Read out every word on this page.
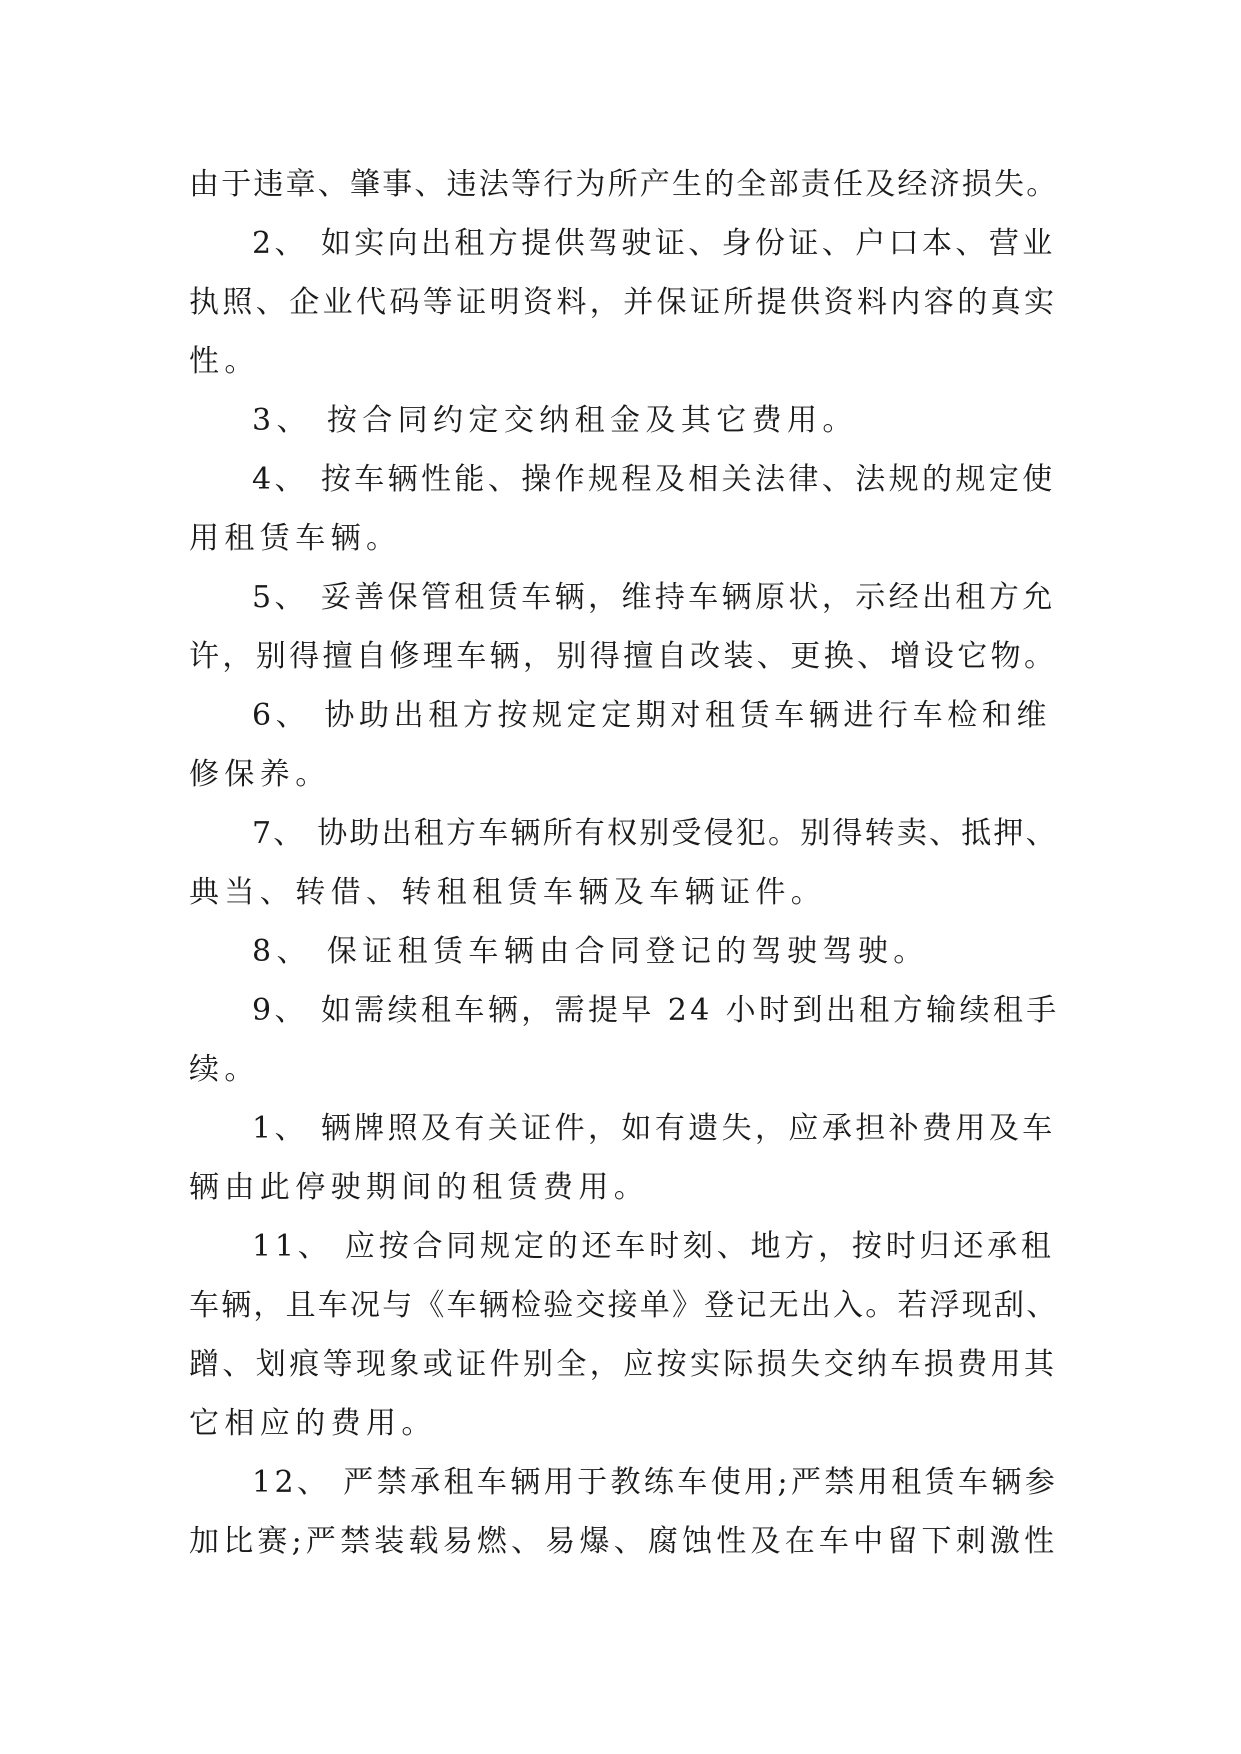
由于违章、肇事、违法等行为所产生的全部责任及经济损失。
2、 如实向出租方提供驾驶证、身份证、户口本、营业
执照、企业代码等证明资料，并保证所提供资料内容的真实
性。
3、 按合同约定交纳租金及其它费用。
4、 按车辆性能、操作规程及相关法律、法规的规定使
用租赁车辆。
5、 妥善保管租赁车辆，维持车辆原状，示经出租方允
许，别得擅自修理车辆，别得擅自改装、更换、增设它物。
6、 协助出租方按规定定期对租赁车辆进行车检和维
修保养。
7、 协助出租方车辆所有权别受侵犯。别得转卖、抵押、
典当、转借、转租租赁车辆及车辆证件。
8、 保证租赁车辆由合同登记的驾驶驾驶。
9、 如需续租车辆，需提早 24 小时到出租方输续租手
续。
1、 辆牌照及有关证件，如有遗失，应承担补费用及车
辆由此停驶期间的租赁费用。
11、 应按合同规定的还车时刻、地方，按时归还承租
车辆，且车况与《车辆检验交接单》登记无出入。若浮现刮、
蹭、划痕等现象或证件别全，应按实际损失交纳车损费用其
它相应的费用。
12、 严禁承租车辆用于教练车使用;严禁用租赁车辆参
加比赛;严禁装载易燃、易爆、腐蚀性及在车中留下刺激性
